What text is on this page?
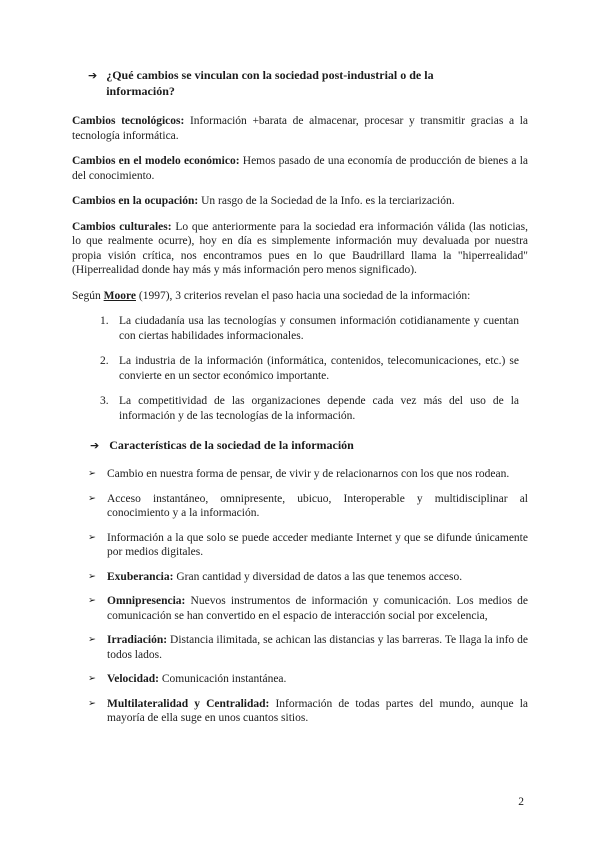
➔ ¿Qué cambios se vinculan con la sociedad post-industrial o de la información?

Cambios tecnológicos: Información +barata de almacenar, procesar y transmitir gracias a la tecnología informática.

Cambios en el modelo económico: Hemos pasado de una economía de producción de bienes a la del conocimiento.

Cambios en la ocupación: Un rasgo de la Sociedad de la Info. es la terciarización.

Cambios culturales: Lo que anteriormente para la sociedad era información válida (las noticias, lo que realmente ocurre), hoy en día es simplemente información muy devaluada por nuestra propia visión crítica, nos encontramos pues en lo que Baudrillard llama la "hiperrealidad" (Hiperrealidad donde hay más y más información pero menos significado).

Según Moore (1997), 3 criterios revelan el paso hacia una sociedad de la información:

1. La ciudadanía usa las tecnologías y consumen información cotidianamente y cuentan con ciertas habilidades informacionales.
2. La industria de la información (informática, contenidos, telecomunicaciones, etc.) se convierte en un sector económico importante.
3. La competitividad de las organizaciones depende cada vez más del uso de la información y de las tecnologías de la información.
➔ Características de la sociedad de la información
➢ Cambio en nuestra forma de pensar, de vivir y de relacionarnos con los que nos rodean.
➢ Acceso instantáneo, omnipresente, ubicuo, Interoperable y multidisciplinar al conocimiento y a la información.
➢ Información a la que solo se puede acceder mediante Internet y que se difunde únicamente por medios digitales.
➢ Exuberancia: Gran cantidad y diversidad de datos a las que tenemos acceso.
➢ Omnipresencia: Nuevos instrumentos de información y comunicación. Los medios de comunicación se han convertido en el espacio de interacción social por excelencia,
➢ Irradiación: Distancia ilimitada, se achican las distancias y las barreras. Te llaga la info de todos lados.
➢ Velocidad: Comunicación instantánea.
➢ Multilateralidad y Centralidad: Información de todas partes del mundo, aunque la mayoría de ella suge en unos cuantos sitios.
2
